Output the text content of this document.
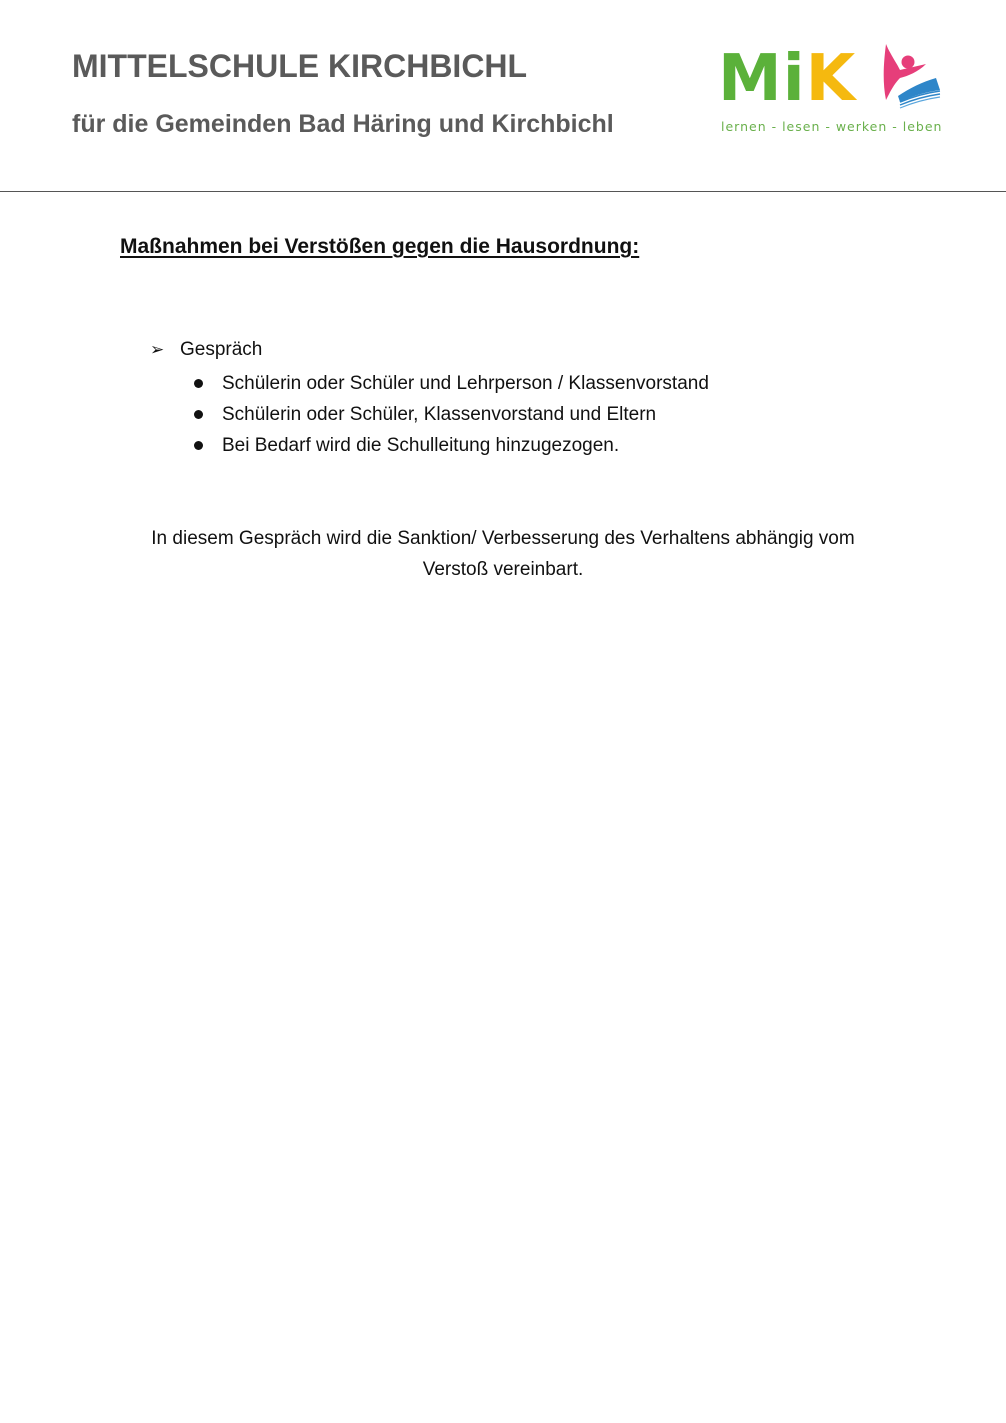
MITTELSCHULE KIRCHBICHL
für die Gemeinden Bad Häring und Kirchbichl
MiK
lernen - lesen - werken - leben
Maßnahmen bei Verstößen gegen die Hausordnung:
➢ Gespräch
Schülerin oder Schüler und Lehrperson / Klassenvorstand
Schülerin oder Schüler, Klassenvorstand und Eltern
Bei Bedarf wird die Schulleitung hinzugezogen.
In diesem Gespräch wird die Sanktion/ Verbesserung des Verhaltens abhängig vom
Verstoß vereinbart.
